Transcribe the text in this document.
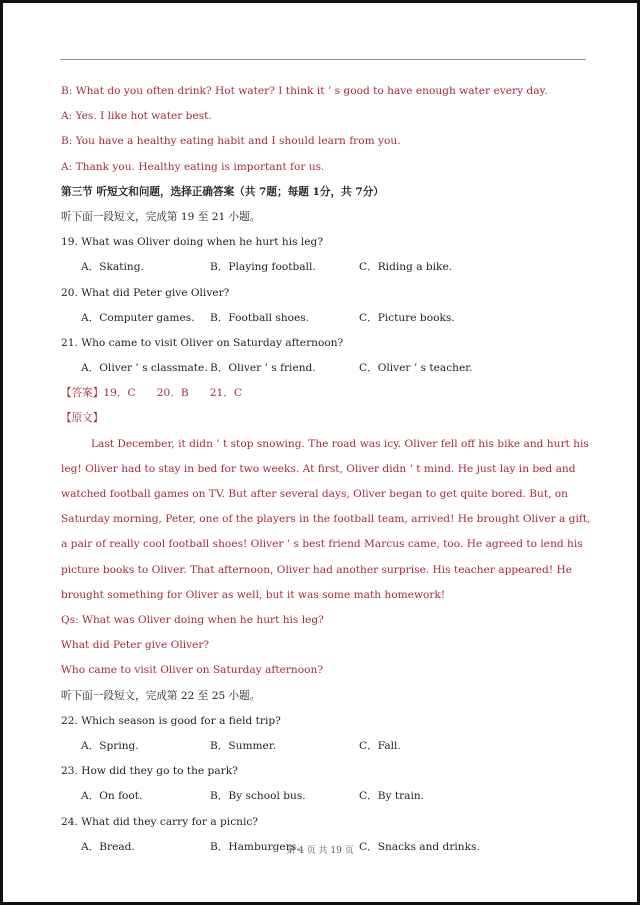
B: What do you often drink? Hot water? I think it ’ s good to have enough water every day.
A: Yes. I like hot water best.
B: You have a healthy eating habit and I should learn from you.
A: Thank you. Healthy eating is important for us.
第三节 听短文和问题，选择正确答案（共 7题；每题 1分，共 7分）
听下面一段短文，完成第 19 至 21 小题。
19. What was Oliver doing when he hurt his leg?
A．Skating.	B．Playing football.	C．Riding a bike.
20. What did Peter give Oliver?
A．Computer games.	B．Football shoes.	C．Picture books.
21. Who came to visit Oliver on Saturday afternoon?
A．Oliver ’ s classmate. B．Oliver ’ s friend.	C．Oliver ’ s teacher.
【答案】19．C　　20．B　　21．C
【原文】
Last December, it didn ’ t stop snowing. The road was icy. Oliver fell off his bike and hurt his leg! Oliver had to stay in bed for two weeks. At first, Oliver didn ’ t mind. He just lay in bed and watched football games on TV. But after several days, Oliver began to get quite bored. But, on Saturday morning, Peter, one of the players in the football team, arrived! He brought Oliver a gift, a pair of really cool football shoes! Oliver ’ s best friend Marcus came, too. He agreed to lend his picture books to Oliver. That afternoon, Oliver had another surprise. His teacher appeared! He brought something for Oliver as well, but it was some math homework!
Qs: What was Oliver doing when he hurt his leg?
What did Peter give Oliver?
Who came to visit Oliver on Saturday afternoon?
听下面一段短文，完成第 22 至 25 小题。
22. Which season is good for a field trip?
A．Spring.	B．Summer.	C．Fall.
23. How did they go to the park?
A．On foot.	B．By school bus.	C．By train.
24. What did they carry for a picnic?
A．Bread.	B．Hamburgers.	C．Snacks and drinks.
第 4 页 共 19 页
